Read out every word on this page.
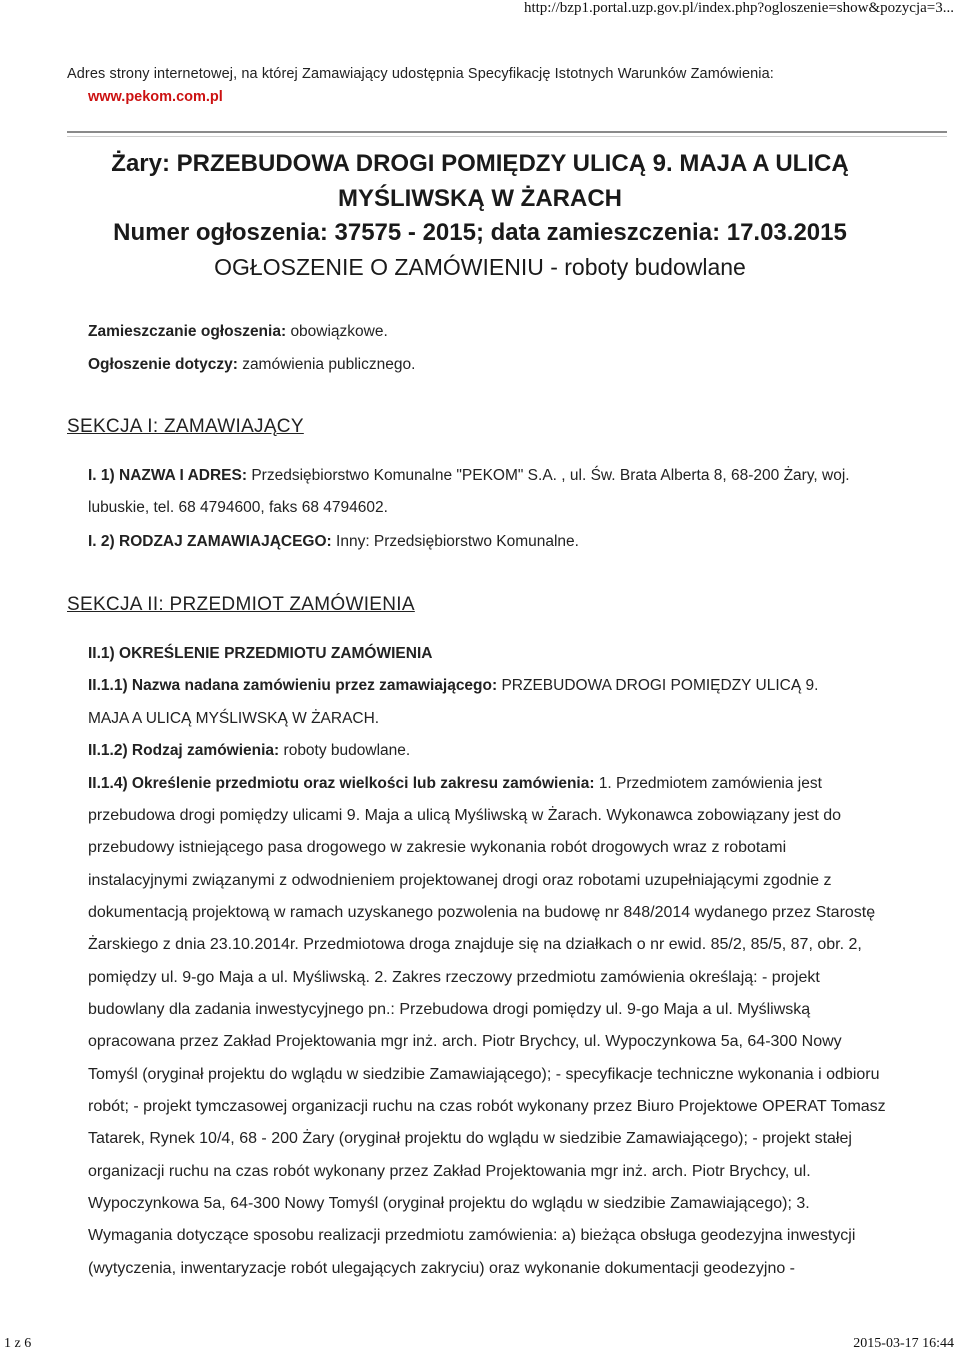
http://bzp1.portal.uzp.gov.pl/index.php?ogloszenie=show&pozycja=3...
Adres strony internetowej, na której Zamawiający udostępnia Specyfikację Istotnych Warunków Zamówienia:
www.pekom.com.pl
Żary: PRZEBUDOWA DROGI POMIĘDZY ULICĄ 9. MAJA A ULICĄ
MYŚLIWSKĄ W ŻARACH
Numer ogłoszenia: 37575 - 2015; data zamieszczenia: 17.03.2015
OGŁOSZENIE O ZAMÓWIENIU - roboty budowlane
Zamieszczanie ogłoszenia: obowiązkowe.
Ogłoszenie dotyczy: zamówienia publicznego.
SEKCJA I: ZAMAWIAJĄCY
I. 1) NAZWA I ADRES: Przedsiębiorstwo Komunalne "PEKOM" S.A. , ul. Św. Brata Alberta 8, 68-200 Żary, woj.
lubuskie, tel. 68 4794600, faks 68 4794602.
I. 2) RODZAJ ZAMAWIAJĄCEGO: Inny: Przedsiębiorstwo Komunalne.
SEKCJA II: PRZEDMIOT ZAMÓWIENIA
II.1) OKREŚLENIE PRZEDMIOTU ZAMÓWIENIA
II.1.1) Nazwa nadana zamówieniu przez zamawiającego: PRZEBUDOWA DROGI POMIĘDZY ULICĄ 9.
MAJA A ULICĄ MYŚLIWSKĄ W ŻARACH.
II.1.2) Rodzaj zamówienia: roboty budowlane.
II.1.4) Określenie przedmiotu oraz wielkości lub zakresu zamówienia: 1. Przedmiotem zamówienia jest
przebudowa drogi pomiędzy ulicami 9. Maja a ulicą Myśliwską w Żarach. Wykonawca zobowiązany jest do
przebudowy istniejącego pasa drogowego w zakresie wykonania robót drogowych wraz z robotami
instalacyjnymi związanymi z odwodnieniem projektowanej drogi oraz robotami uzupełniającymi zgodnie z
dokumentacją projektową w ramach uzyskanego pozwolenia na budowę nr 848/2014 wydanego przez Starostę
Żarskiego z dnia 23.10.2014r. Przedmiotowa droga znajduje się na działkach o nr ewid. 85/2, 85/5, 87, obr. 2,
pomiędzy ul. 9-go Maja a ul. Myśliwską. 2. Zakres rzeczowy przedmiotu zamówienia określają: - projekt
budowlany dla zadania inwestycyjnego pn.: Przebudowa drogi pomiędzy ul. 9-go Maja a ul. Myśliwską
opracowana przez Zakład Projektowania mgr inż. arch. Piotr Brychcy, ul. Wypoczynkowa 5a, 64-300 Nowy
Tomyśl (oryginał projektu do wglądu w siedzibie Zamawiającego); - specyfikacje techniczne wykonania i odbioru
robót; - projekt tymczasowej organizacji ruchu na czas robót wykonany przez Biuro Projektowe OPERAT Tomasz
Tatarek, Rynek 10/4, 68 - 200 Żary (oryginał projektu do wglądu w siedzibie Zamawiającego); - projekt stałej
organizacji ruchu na czas robót wykonany przez Zakład Projektowania mgr inż. arch. Piotr Brychcy, ul.
Wypoczynkowa 5a, 64-300 Nowy Tomyśl (oryginał projektu do wglądu w siedzibie Zamawiającego); 3.
Wymagania dotyczące sposobu realizacji przedmiotu zamówienia: a) bieżąca obsługa geodezyjna inwestycji
(wytyczenia, inwentaryzacje robót ulegających zakryciu) oraz wykonanie dokumentacji geodezyjno -
1 z 6	2015-03-17 16:44
